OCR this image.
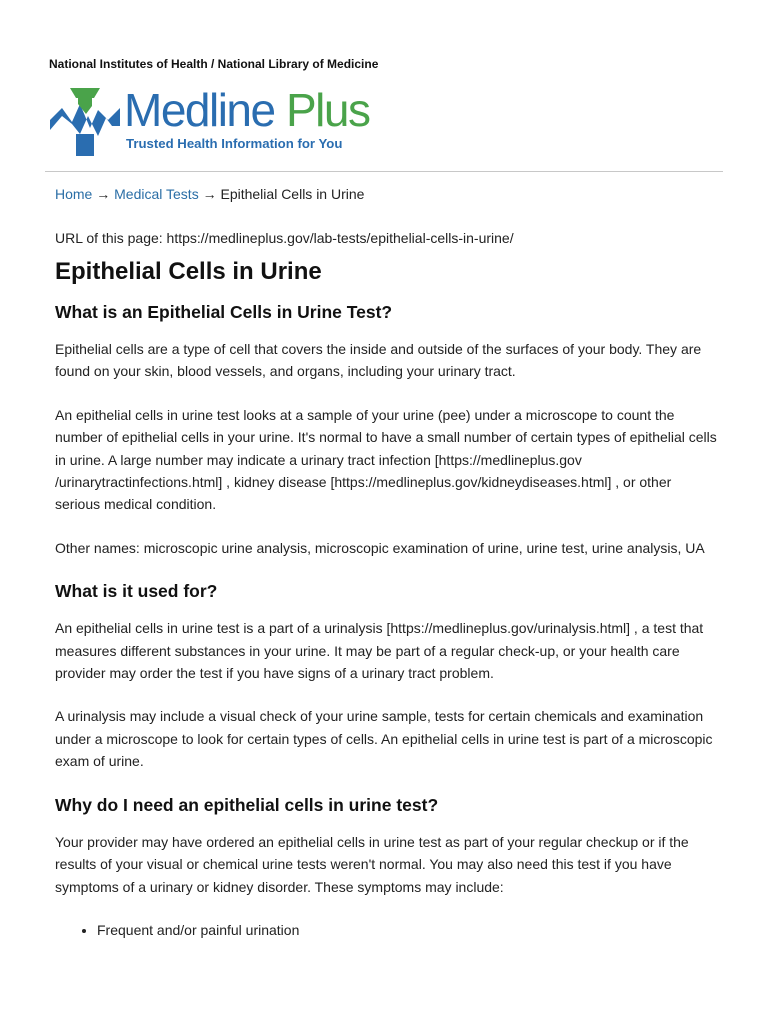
National Institutes of Health / National Library of Medicine

Medline Plus
Trusted Health Information for You
Home → Medical Tests → Epithelial Cells in Urine
URL of this page: https://medlineplus.gov/lab-tests/epithelial-cells-in-urine/
Epithelial Cells in Urine
What is an Epithelial Cells in Urine Test?

Epithelial cells are a type of cell that covers the inside and outside of the surfaces of your body. They are found on your skin, blood vessels, and organs, including your urinary tract.

An epithelial cells in urine test looks at a sample of your urine (pee) under a microscope to count the number of epithelial cells in your urine. It's normal to have a small number of certain types of epithelial cells in urine. A large number may indicate a urinary tract infection [https://medlineplus.gov /urinarytractinfections.html] , kidney disease [https://medlineplus.gov/kidneydiseases.html] , or other serious medical condition.

Other names: microscopic urine analysis, microscopic examination of urine, urine test, urine analysis, UA

What is it used for?

An epithelial cells in urine test is a part of a urinalysis [https://medlineplus.gov/urinalysis.html] , a test that measures different substances in your urine. It may be part of a regular check-up, or your health care provider may order the test if you have signs of a urinary tract problem.

A urinalysis may include a visual check of your urine sample, tests for certain chemicals and examination under a microscope to look for certain types of cells. An epithelial cells in urine test is part of a microscopic exam of urine.

Why do I need an epithelial cells in urine test?

Your provider may have ordered an epithelial cells in urine test as part of your regular checkup or if the results of your visual or chemical urine tests weren't normal. You may also need this test if you have symptoms of a urinary or kidney disorder. These symptoms may include:

• Frequent and/or painful urination
